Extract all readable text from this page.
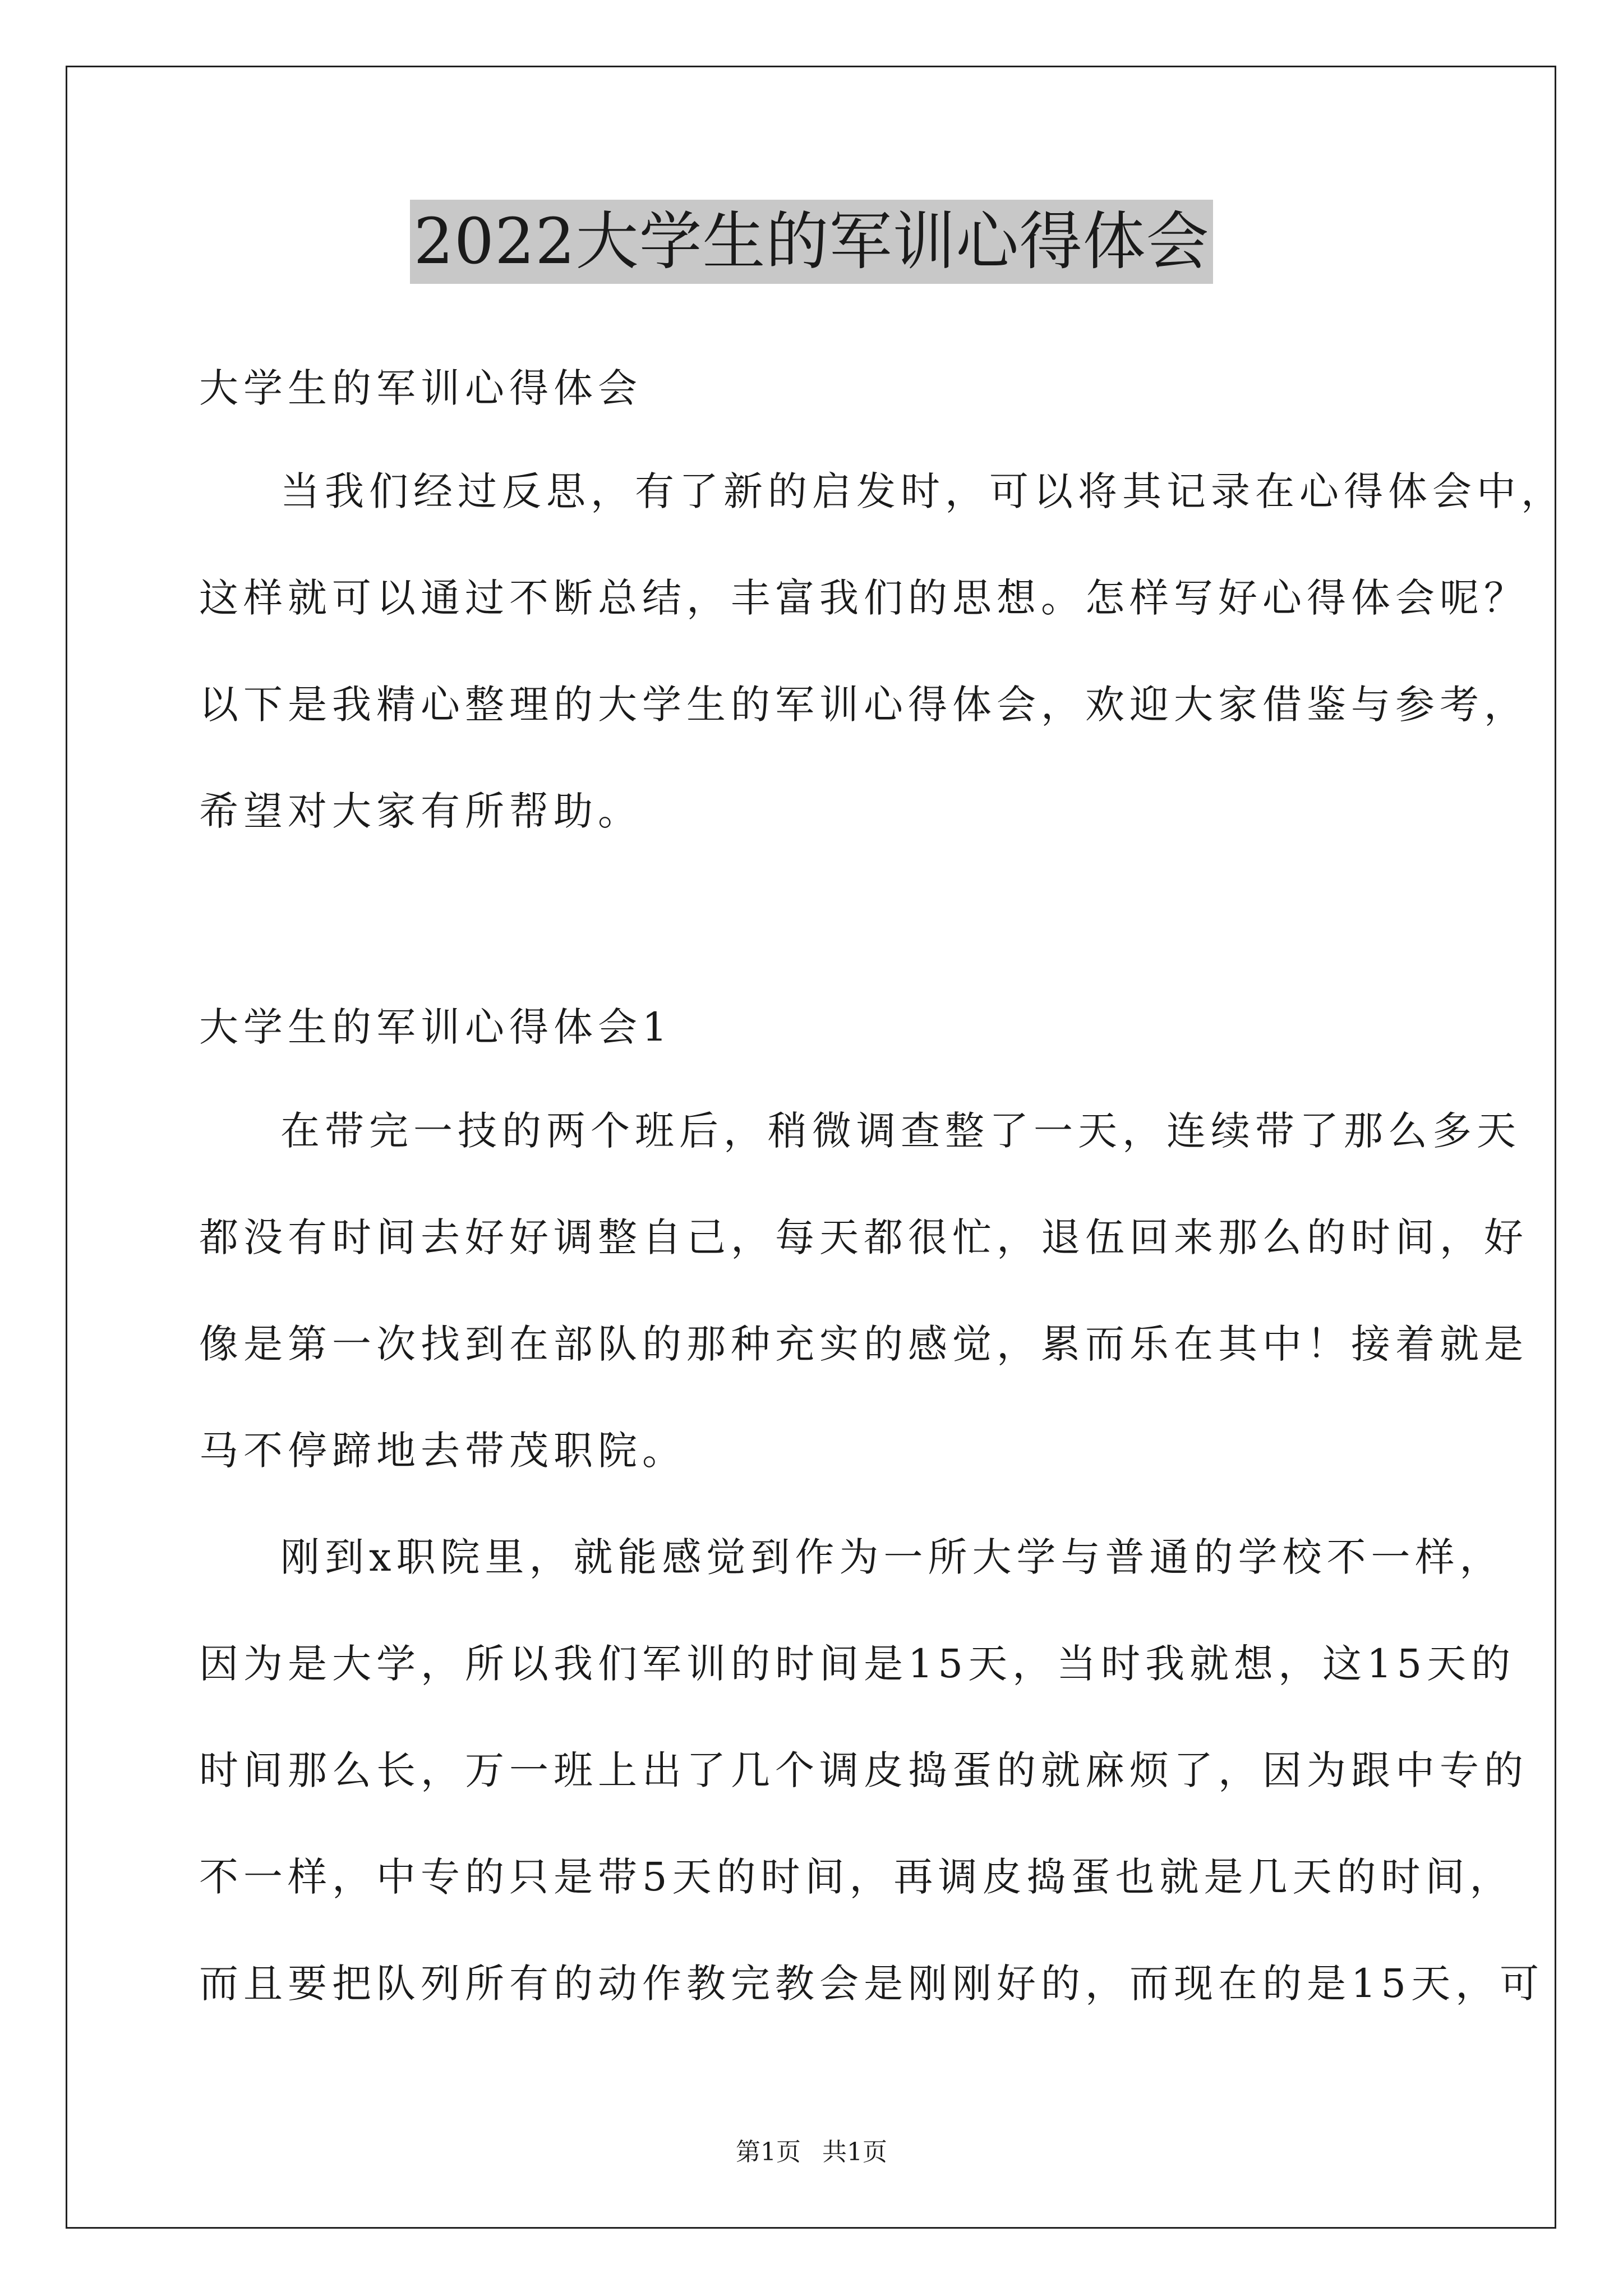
2022大学生的军训心得体会
大学生的军训心得体会
当我们经过反思，有了新的启发时，可以将其记录在心得体会中，
这样就可以通过不断总结，丰富我们的思想。怎样写好心得体会呢？
以下是我精心整理的大学生的军训心得体会，欢迎大家借鉴与参考，
希望对大家有所帮助。
大学生的军训心得体会1
在带完一技的两个班后，稍微调查整了一天，连续带了那么多天
都没有时间去好好调整自己，每天都很忙，退伍回来那么的时间，好
像是第一次找到在部队的那种充实的感觉，累而乐在其中！接着就是
马不停蹄地去带茂职院。
刚到x职院里，就能感觉到作为一所大学与普通的学校不一样，
因为是大学，所以我们军训的时间是15天，当时我就想，这15天的
时间那么长，万一班上出了几个调皮捣蛋的就麻烦了，因为跟中专的
不一样，中专的只是带5天的时间，再调皮捣蛋也就是几天的时间，
而且要把队列所有的动作教完教会是刚刚好的，而现在的是15天，可
第1页 共1页
